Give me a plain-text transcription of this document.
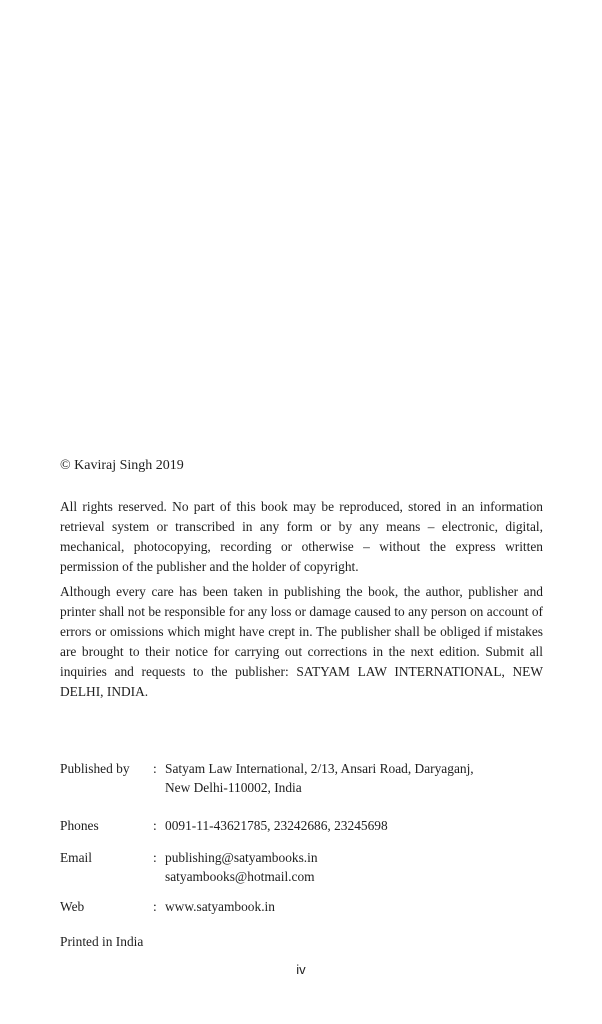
© Kaviraj Singh 2019
All rights reserved. No part of this book may be reproduced, stored in an information retrieval system or transcribed in any form or by any means – electronic, digital, mechanical, photocopying, recording or otherwise – without the express written permission of the publisher and the holder of copyright.
Although every care has been taken in publishing the book, the author, publisher and printer shall not be responsible for any loss or damage caused to any person on account of errors or omissions which might have crept in. The publisher shall be obliged if mistakes are brought to their notice for carrying out corrections in the next edition. Submit all inquiries and requests to the publisher: SATYAM LAW INTERNATIONAL, NEW DELHI, INDIA.
Published by	: Satyam Law International, 2/13, Ansari Road, Daryaganj,
New Delhi-110002, India
Phones	: 0091-11-43621785, 23242686, 23245698
Email	: publishing@satyambooks.in
satyambooks@hotmail.com
Web	: www.satyambook.in
Printed in India
iv
